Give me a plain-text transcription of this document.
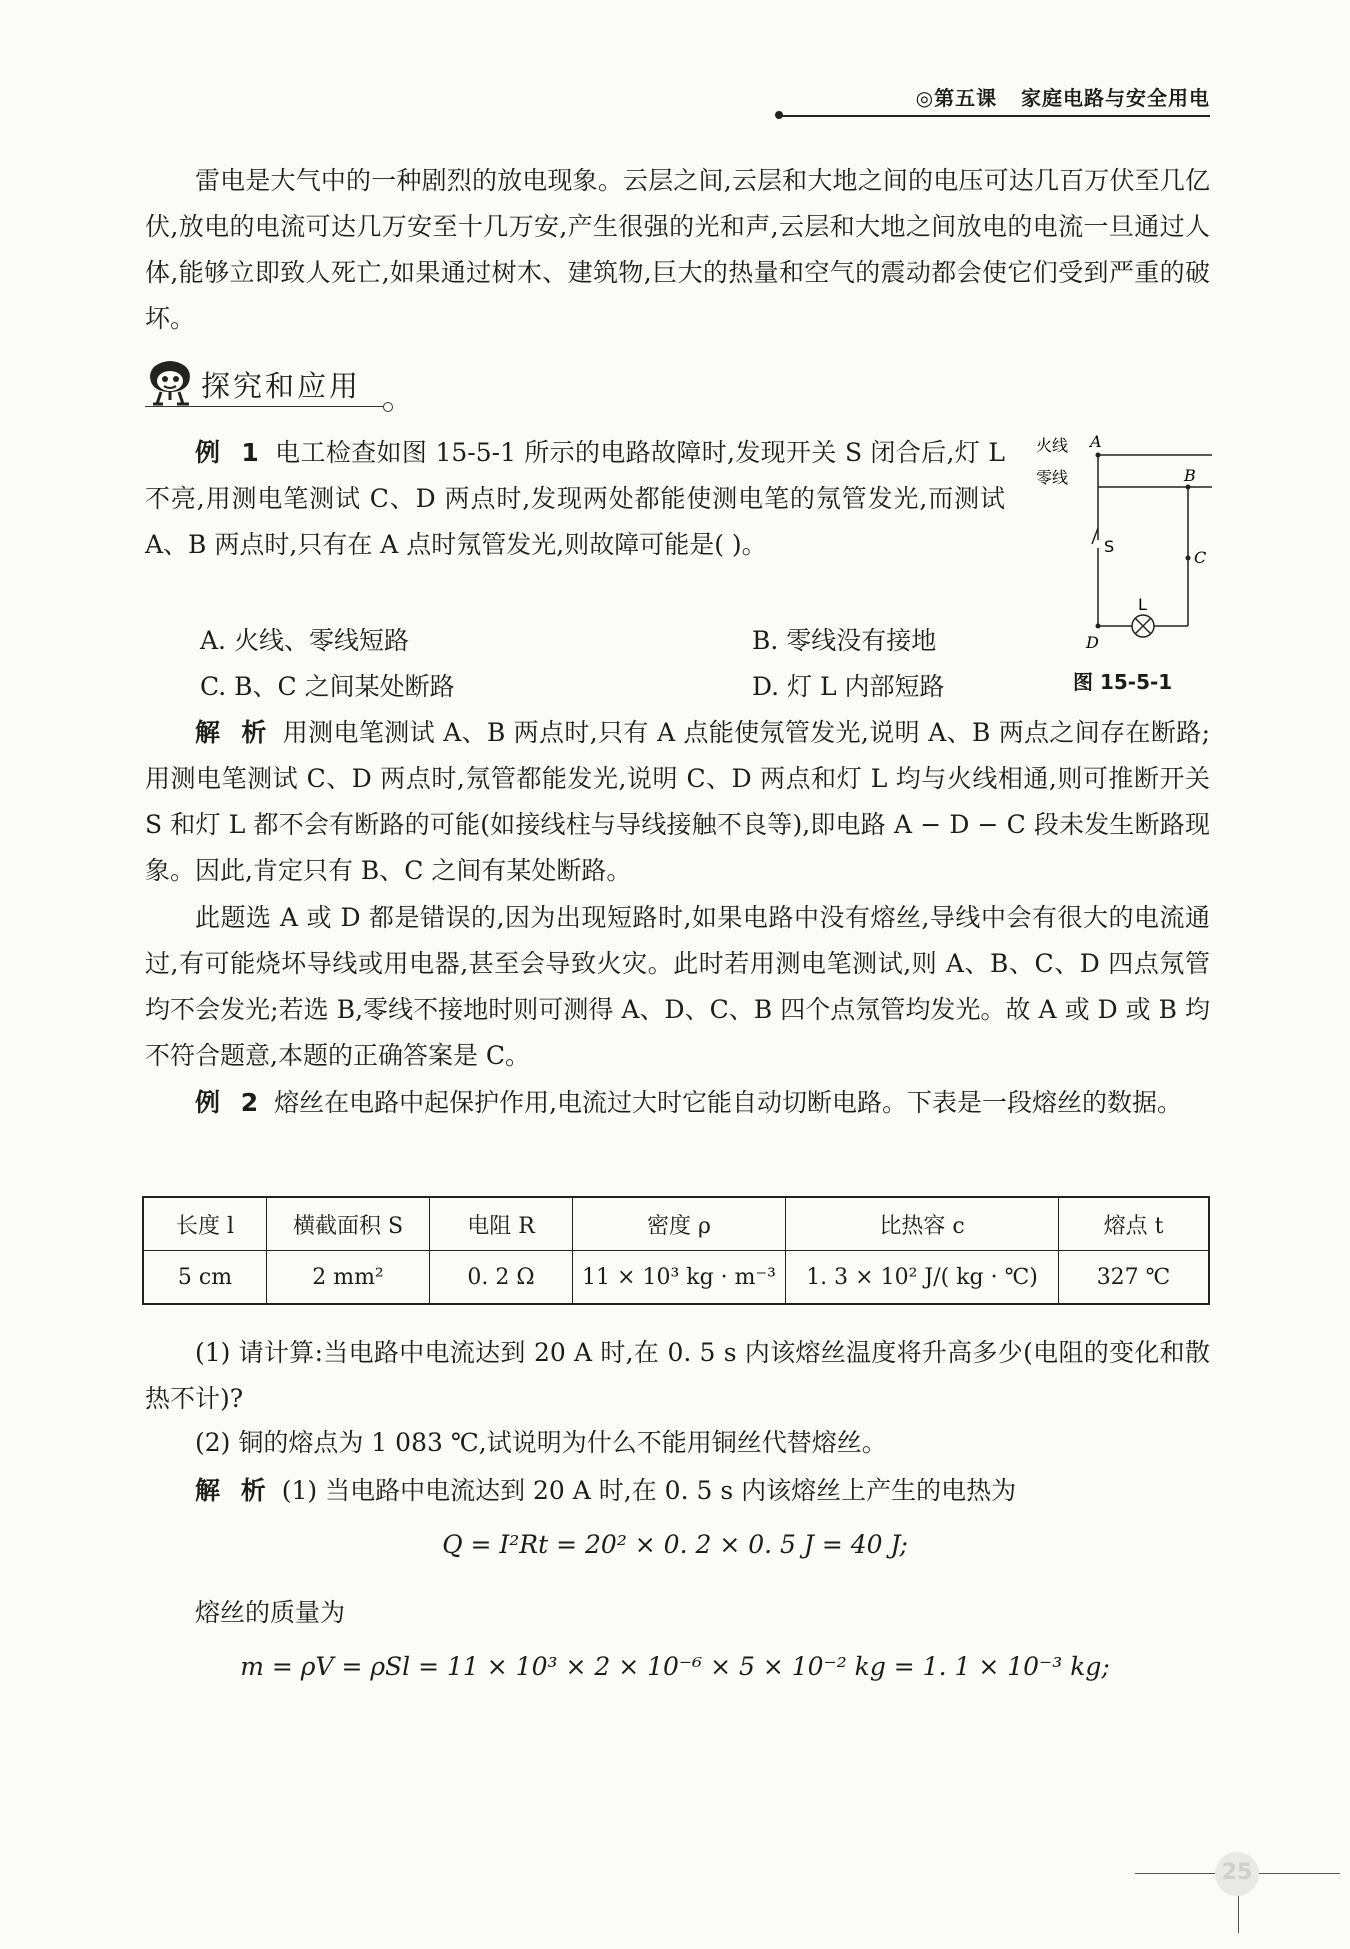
◎第五课   家庭电路与安全用电
雷电是大气中的一种剧烈的放电现象。云层之间,云层和大地之间的电压可达几百万伏至几亿伏,放电的电流可达几万安至十几万安,产生很强的光和声,云层和大地之间放电的电流一旦通过人体,能够立即致人死亡,如果通过树木、建筑物,巨大的热量和空气的震动都会使它们受到严重的破坏。
探究和应用
例 1 电工检查如图 15-5-1 所示的电路故障时,发现开关 S 闭合后,灯 L 不亮,用测电笔测试 C、D 两点时,发现两处都能使测电笔的氖管发光,而测试 A、B 两点时,只有在 A 点时氖管发光,则故障可能是( )。
A. 火线、零线短路	B. 零线没有接地
C. B、C 之间某处断路	D. 灯 L 内部短路
火线
零线
A
B
S
C
L
D
图 15-5-1
解 析 用测电笔测试 A、B 两点时,只有 A 点能使氖管发光,说明 A、B 两点之间存在断路;用测电笔测试 C、D 两点时,氖管都能发光,说明 C、D 两点和灯 L 均与火线相通,则可推断开关 S 和灯 L 都不会有断路的可能(如接线柱与导线接触不良等),即电路 A − D − C 段未发生断路现象。因此,肯定只有 B、C 之间有某处断路。
此题选 A 或 D 都是错误的,因为出现短路时,如果电路中没有熔丝,导线中会有很大的电流通过,有可能烧坏导线或用电器,甚至会导致火灾。此时若用测电笔测试,则 A、B、C、D 四点氖管均不会发光;若选 B,零线不接地时则可测得 A、D、C、B 四个点氖管均发光。故 A 或 D 或 B 均不符合题意,本题的正确答案是 C。
例 2 熔丝在电路中起保护作用,电流过大时它能自动切断电路。下表是一段熔丝的数据。
长度 l	横截面积 S	电阻 R	密度 ρ	比热容 c	熔点 t
5 cm	2 mm²	0. 2 Ω	11 × 10³ kg · m⁻³	1. 3 × 10² J/( kg · ℃)	327 ℃
(1) 请计算:当电路中电流达到 20 A 时,在 0. 5 s 内该熔丝温度将升高多少(电阻的变化和散热不计)?
(2) 铜的熔点为 1 083 ℃,试说明为什么不能用铜丝代替熔丝。
解 析 (1) 当电路中电流达到 20 A 时,在 0. 5 s 内该熔丝上产生的电热为
Q = I²Rt = 20² × 0. 2 × 0. 5 J = 40 J;
熔丝的质量为
m = ρV = ρSl = 11 × 10³ × 2 × 10⁻⁶ × 5 × 10⁻² kg = 1. 1 × 10⁻³ kg;
25
